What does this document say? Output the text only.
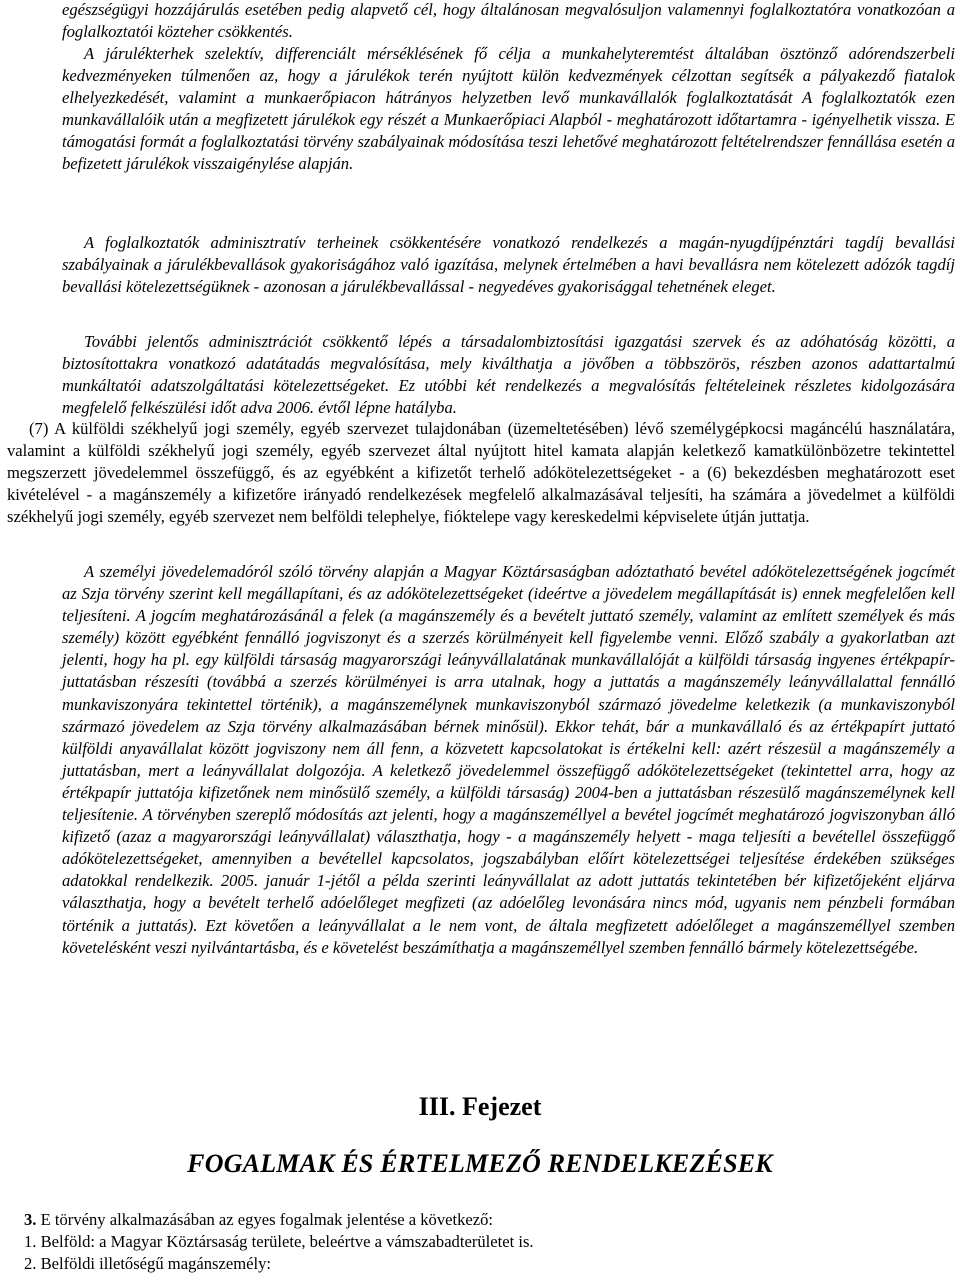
egészségügyi hozzájárulás esetében pedig alapvető cél, hogy általánosan megvalósuljon valamennyi foglalkoztatóra vonatkozóan a foglalkoztatói közteher csökkentés.

A járulékterhek szelektív, differenciált mérséklésének fő célja a munkahelyteremtést általában ösztönző adórendszerbeli kedvezményeken túlmenően az, hogy a járulékok terén nyújtott külön kedvezmények célzottan segítsék a pályakezdő fiatalok elhelyezkedését, valamint a munkaerőpiacon hátrányos helyzetben levő munkavállalók foglalkoztatását A foglalkoztatók ezen munkavállalóik után a megfizetett járulékok egy részét a Munkaerőpiaci Alapból - meghatározott időtartamra - igényelhetik vissza. E támogatási formát a foglalkoztatási törvény szabályainak módosítása teszi lehetővé meghatározott feltételrendszer fennállása esetén a befizetett járulékok visszaigénylése alapján.

A foglalkoztatók adminisztratív terheinek csökkentésére vonatkozó rendelkezés a magán-nyugdíjpénztári tagdíj bevallási szabályainak a járulékbevallások gyakoriságához való igazítása, melynek értelmében a havi bevallásra nem kötelezett adózók tagdíj bevallási kötelezettségüknek - azonosan a járulékbevallással - negyedéves gyakorisággal tehetnének eleget.

További jelentős adminisztrációt csökkentő lépés a társadalombiztosítási igazgatási szervek és az adóhatóság közötti, a biztosítottakra vonatkozó adatátadás megvalósítása, mely kiválthatja a jövőben a többszörös, részben azonos adattartalmú munkáltatói adatszolgáltatási kötelezettségeket. Ez utóbbi két rendelkezés a megvalósítás feltételeinek részletes kidolgozására megfelelő felkészülési időt adva 2006. évtől lépne hatályba.

(7) A külföldi székhelyű jogi személy, egyéb szervezet tulajdonában (üzemeltetésében) lévő személygépkocsi magáncélú használatára, valamint a külföldi székhelyű jogi személy, egyéb szervezet által nyújtott hitel kamata alapján keletkező kamatkülönbözetre tekintettel megszerzett jövedelemmel összefüggő, és az egyébként a kifizetőt terhelő adókötelezettségeket - a (6) bekezdésben meghatározott eset kivételével - a magánszemély a kifizetőre irányadó rendelkezések megfelelő alkalmazásával teljesíti, ha számára a jövedelmet a külföldi székhelyű jogi személy, egyéb szervezet nem belföldi telephelye, fióktelepe vagy kereskedelmi képviselete útján juttatja.

A személyi jövedelemadóról szóló törvény alapján a Magyar Köztársaságban adóztatható bevétel adókötelezettségének jogcímét az Szja törvény szerint kell megállapítani, és az adókötelezettségeket (ideértve a jövedelem megállapítását is) ennek megfelelően kell teljesíteni. A jogcím meghatározásánál a felek (a magánszemély és a bevételt juttató személy, valamint az említett személyek és más személy) között egyébként fennálló jogviszonyt és a szerzés körülményeit kell figyelembe venni. Előző szabály a gyakorlatban azt jelenti, hogy ha pl. egy külföldi társaság magyarországi leányvállalatának munkavállalóját a külföldi társaság ingyenes értékpapír-juttatásban részesíti (továbbá a szerzés körülményei is arra utalnak, hogy a juttatás a magánszemély leányvállalattal fennálló munkaviszonyára tekintettel történik), a magánszemélynek munkaviszonyból származó jövedelme keletkezik (a munkaviszonyból származó jövedelem az Szja törvény alkalmazásában bérnek minősül). Ekkor tehát, bár a munkavállaló és az értékpapírt juttató külföldi anyavállalat között jogviszony nem áll fenn, a közvetett kapcsolatokat is értékelni kell: azért részesül a magánszemély a juttatásban, mert a leányvállalat dolgozója. A keletkező jövedelemmel összefüggő adókötelezettségeket (tekintettel arra, hogy az értékpapír juttatója kifizetőnek nem minősülő személy, a külföldi társaság) 2004-ben a juttatásban részesülő magánszemélynek kell teljesítenie. A törvényben szereplő módosítás azt jelenti, hogy a magánszeméllyel a bevétel jogcímét meghatározó jogviszonyban álló kifizető (azaz a magyarországi leányvállalat) választhatja, hogy - a magánszemély helyett - maga teljesíti a bevétellel összefüggő adókötelezettségeket, amennyiben a bevétellel kapcsolatos, jogszabályban előírt kötelezettségei teljesítése érdekében szükséges adatokkal rendelkezik. 2005. január 1-jétől a példa szerinti leányvállalat az adott juttatás tekintetében bér kifizetőjeként eljárva választhatja, hogy a bevételt terhelő adóelőleget megfizeti (az adóelőleg levonására nincs mód, ugyanis nem pénzbeli formában történik a juttatás). Ezt követően a leányvállalat a le nem vont, de általa megfizetett adóelőleget a magánszeméllyel szemben követelésként veszi nyilvántartásba, és e követelést beszámíthatja a magánszeméllyel szemben fennálló bármely kötelezettségébe.

III. Fejezet
FOGALMAK ÉS ÉRTELMEZŐ RENDELKEZÉSEK

3. E törvény alkalmazásában az egyes fogalmak jelentése a következő:

1. Belföld: a Magyar Köztársaság területe, beleértve a vámszabadterületet is.

2. Belföldi illetőségű magánszemély:
